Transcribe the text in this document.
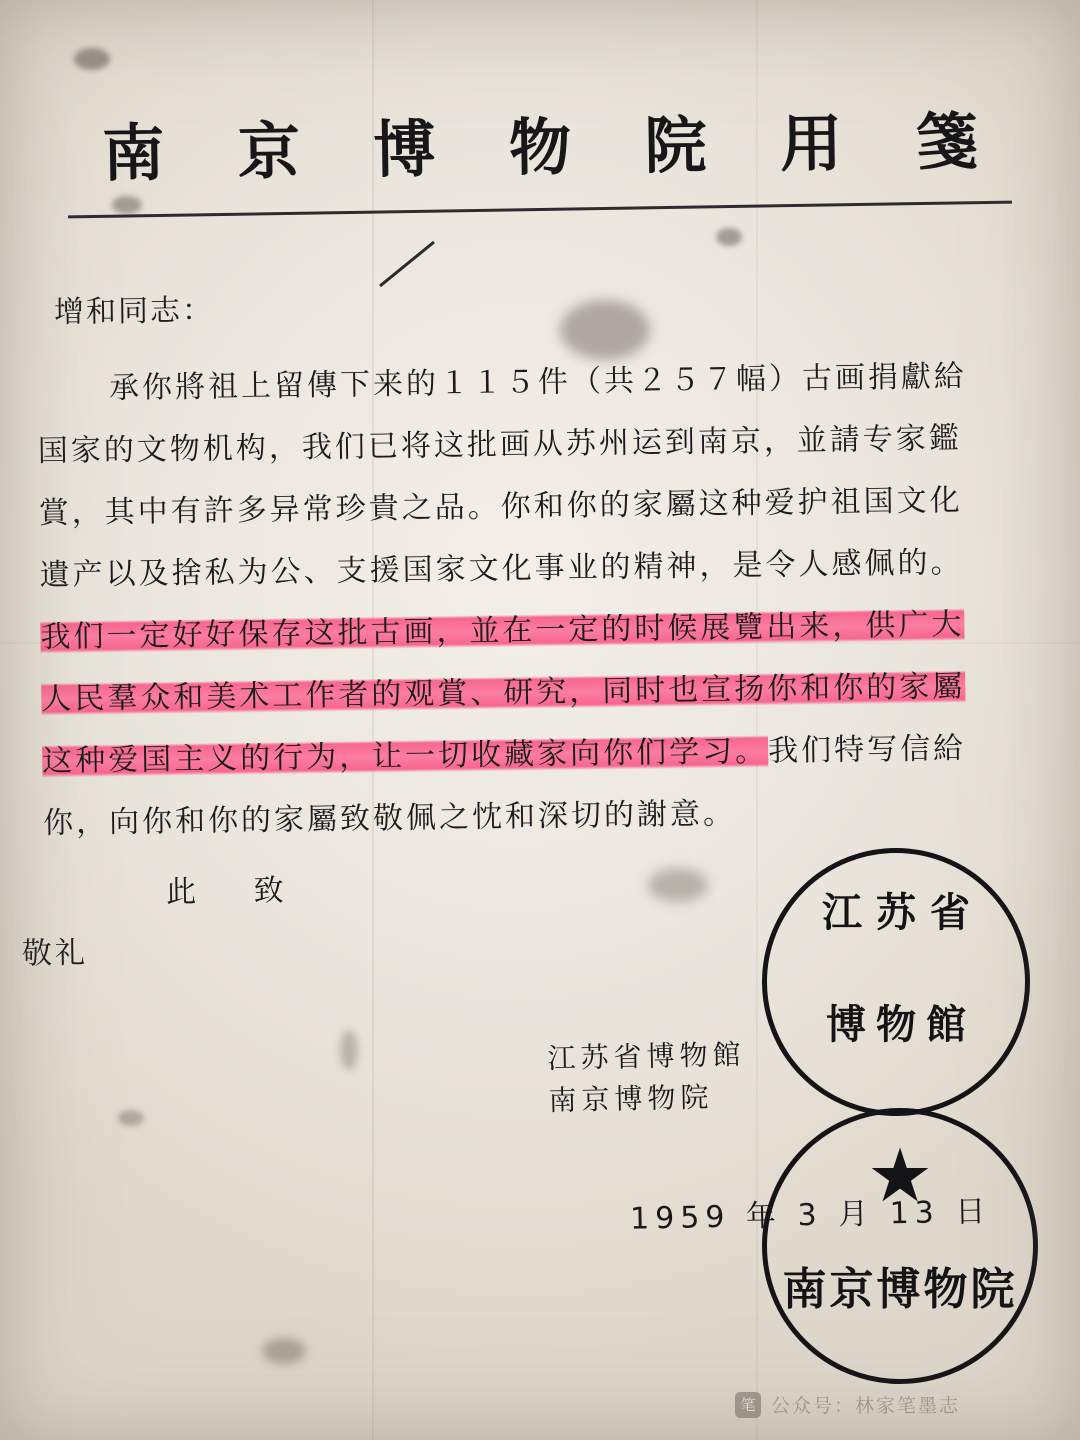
南 京 博 物 院 用 箋
增和同志：
承你將祖上留傳下来的１１５件（共２５７幅）古画捐獻給
国家的文物机构，我们已将这批画从苏州运到南京，並請专家鑑
賞，其中有許多异常珍貴之品。你和你的家屬这种爱护祖国文化
遺产以及捨私为公、支援国家文化事业的精神，是令人感佩的。
我们一定好好保存这批古画，並在一定的时候展覽出来，供广大
人民羣众和美术工作者的观賞、研究，同时也宣扬你和你的家屬
这种爱国主义的行为，让一切收藏家向你们学习。我们特写信給
你，向你和你的家屬致敬佩之忱和深切的謝意。
此 致
敬礼
江苏省博物館
南京博物院
1959 年 3 月 13 日
江苏省
博物館
★
南京博物院
笔 公众号：林家笔墨志
